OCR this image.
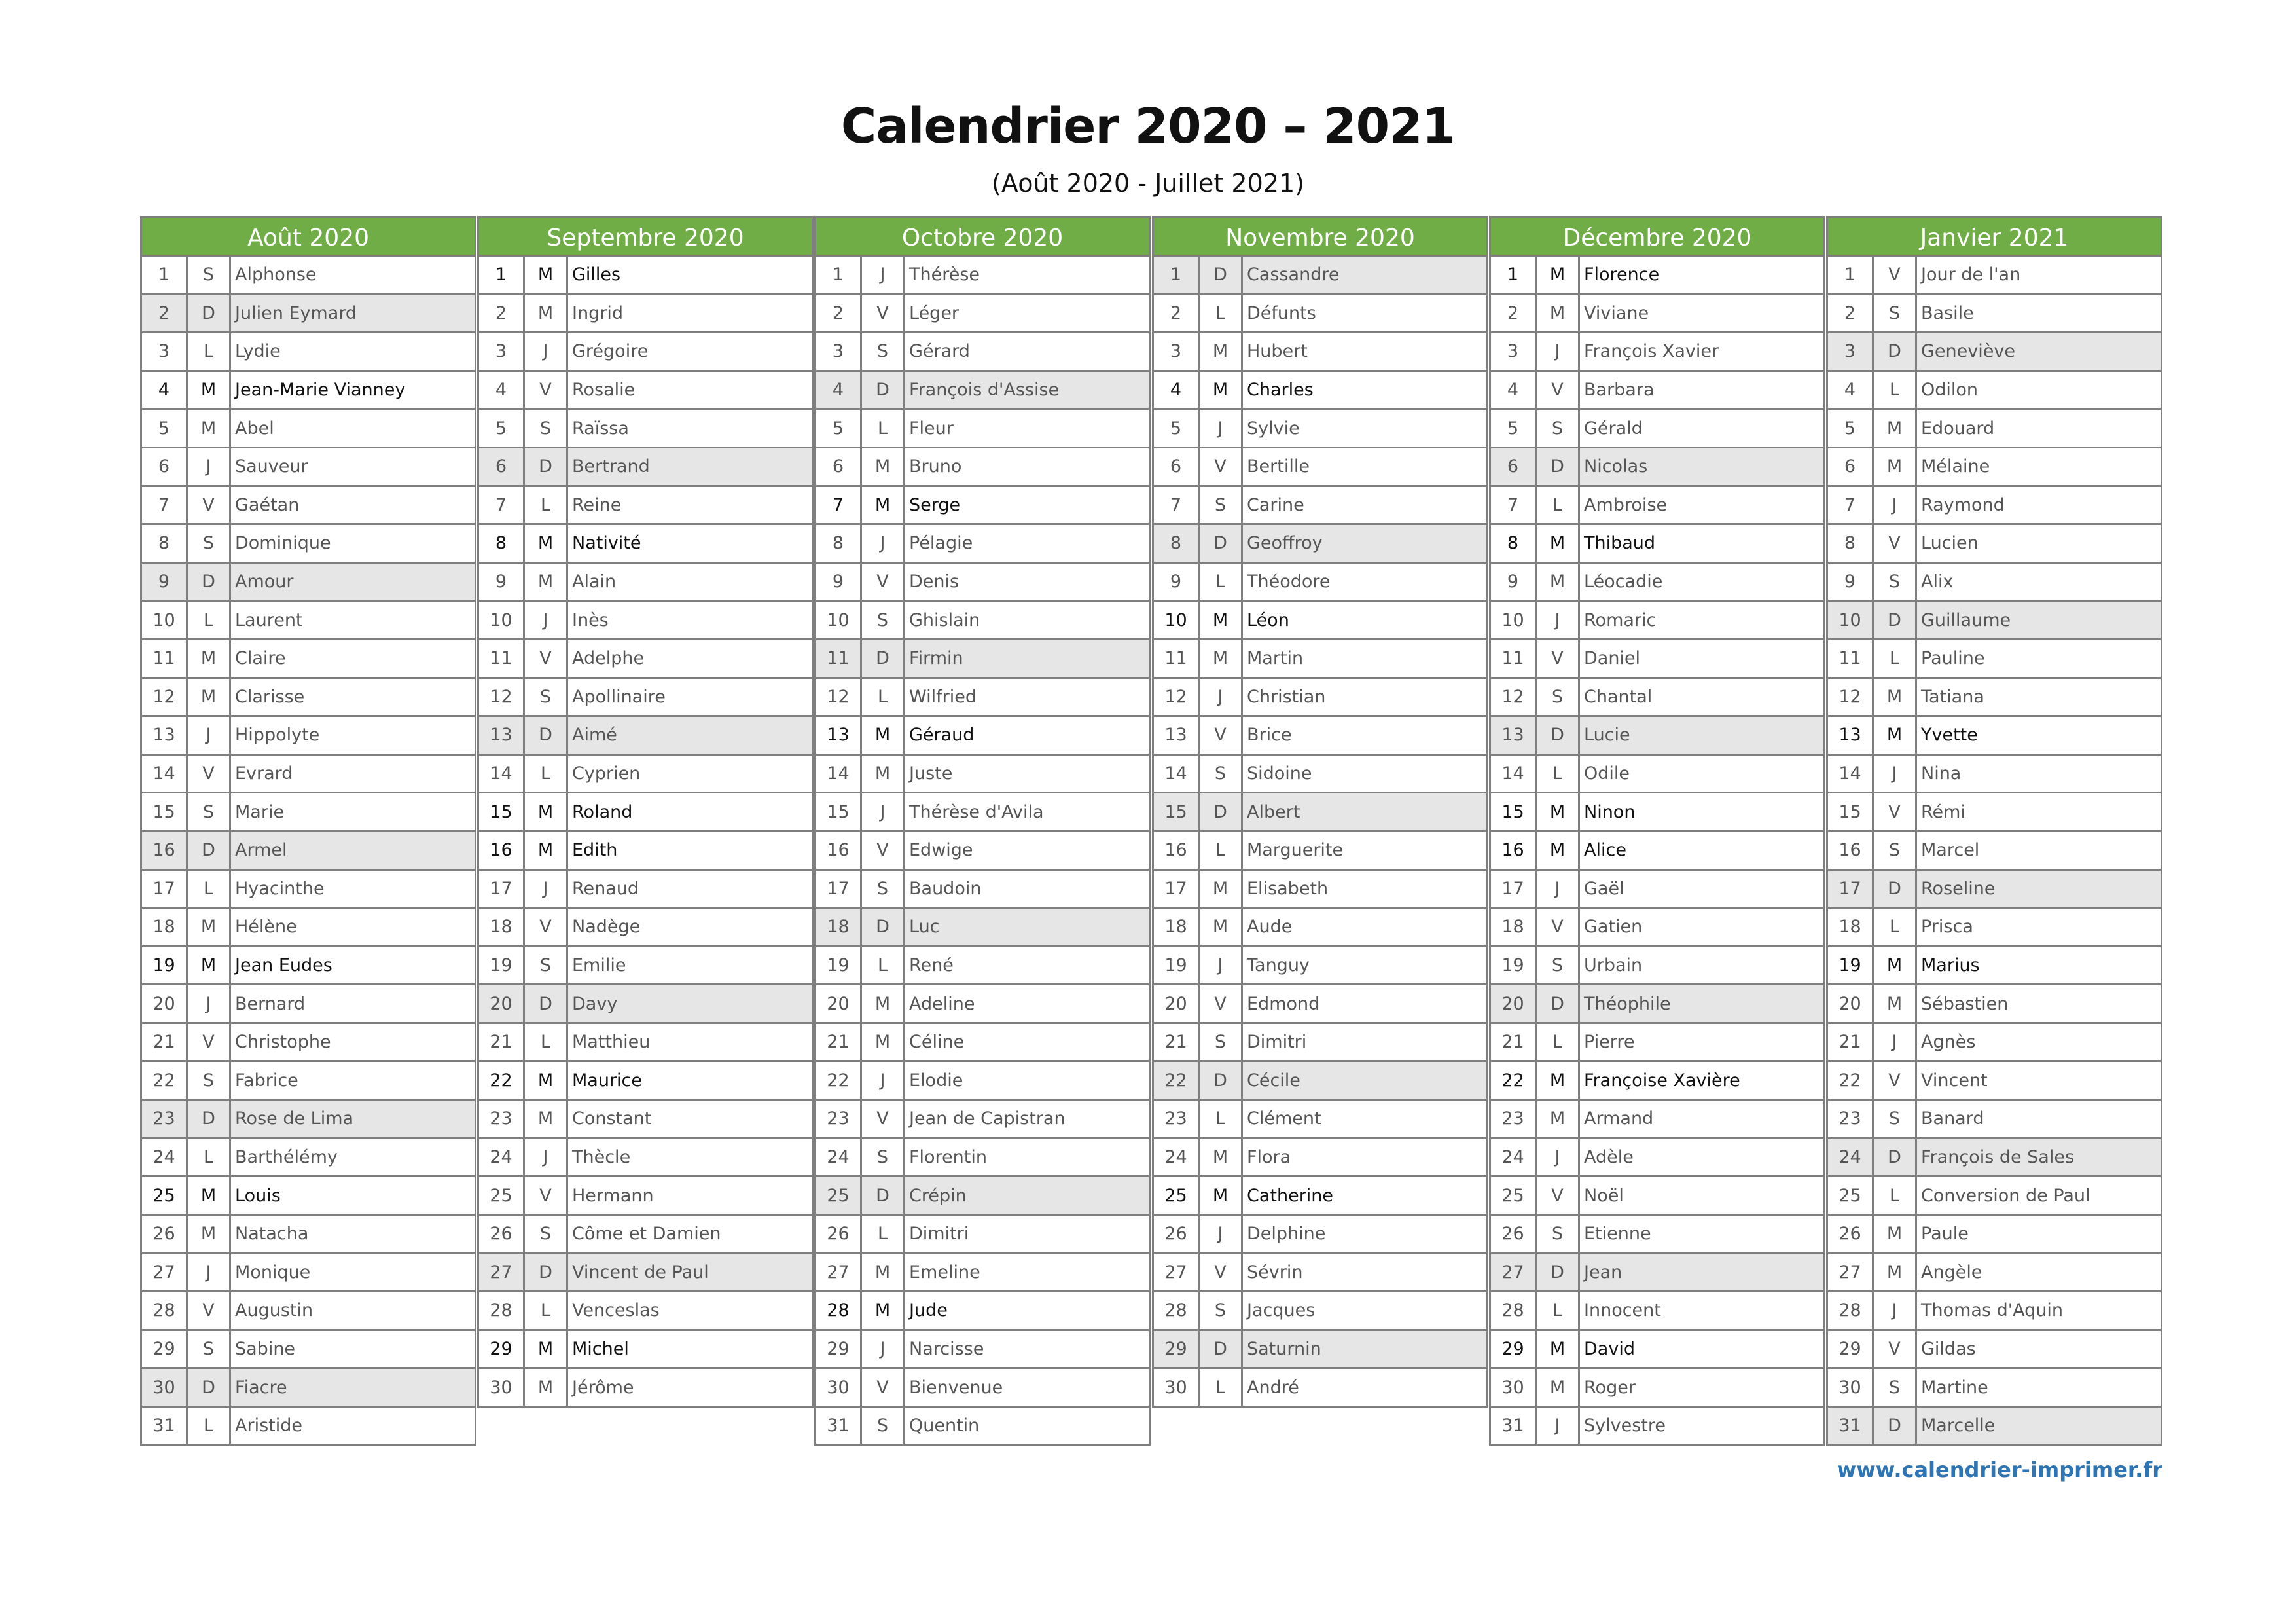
Calendrier 2020 – 2021
(Août 2020 - Juillet 2021)
Août 2020
1	S	Alphonse
2	D	Julien Eymard
3	L	Lydie
4	M	Jean-Marie Vianney
5	M	Abel
6	J	Sauveur
7	V	Gaétan
8	S	Dominique
9	D	Amour
10	L	Laurent
11	M	Claire
12	M	Clarisse
13	J	Hippolyte
14	V	Evrard
15	S	Marie
16	D	Armel
17	L	Hyacinthe
18	M	Hélène
19	M	Jean Eudes
20	J	Bernard
21	V	Christophe
22	S	Fabrice
23	D	Rose de Lima
24	L	Barthélémy
25	M	Louis
26	M	Natacha
27	J	Monique
28	V	Augustin
29	S	Sabine
30	D	Fiacre
31	L	Aristide
Septembre 2020
1	M	Gilles
2	M	Ingrid
3	J	Grégoire
4	V	Rosalie
5	S	Raïssa
6	D	Bertrand
7	L	Reine
8	M	Nativité
9	M	Alain
10	J	Inès
11	V	Adelphe
12	S	Apollinaire
13	D	Aimé
14	L	Cyprien
15	M	Roland
16	M	Edith
17	J	Renaud
18	V	Nadège
19	S	Emilie
20	D	Davy
21	L	Matthieu
22	M	Maurice
23	M	Constant
24	J	Thècle
25	V	Hermann
26	S	Côme et Damien
27	D	Vincent de Paul
28	L	Venceslas
29	M	Michel
30	M	Jérôme
Octobre 2020
1	J	Thérèse
2	V	Léger
3	S	Gérard
4	D	François d'Assise
5	L	Fleur
6	M	Bruno
7	M	Serge
8	J	Pélagie
9	V	Denis
10	S	Ghislain
11	D	Firmin
12	L	Wilfried
13	M	Géraud
14	M	Juste
15	J	Thérèse d'Avila
16	V	Edwige
17	S	Baudoin
18	D	Luc
19	L	René
20	M	Adeline
21	M	Céline
22	J	Elodie
23	V	Jean de Capistran
24	S	Florentin
25	D	Crépin
26	L	Dimitri
27	M	Emeline
28	M	Jude
29	J	Narcisse
30	V	Bienvenue
31	S	Quentin
Novembre 2020
1	D	Cassandre
2	L	Défunts
3	M	Hubert
4	M	Charles
5	J	Sylvie
6	V	Bertille
7	S	Carine
8	D	Geoffroy
9	L	Théodore
10	M	Léon
11	M	Martin
12	J	Christian
13	V	Brice
14	S	Sidoine
15	D	Albert
16	L	Marguerite
17	M	Elisabeth
18	M	Aude
19	J	Tanguy
20	V	Edmond
21	S	Dimitri
22	D	Cécile
23	L	Clément
24	M	Flora
25	M	Catherine
26	J	Delphine
27	V	Sévrin
28	S	Jacques
29	D	Saturnin
30	L	André
Décembre 2020
1	M	Florence
2	M	Viviane
3	J	François Xavier
4	V	Barbara
5	S	Gérald
6	D	Nicolas
7	L	Ambroise
8	M	Thibaud
9	M	Léocadie
10	J	Romaric
11	V	Daniel
12	S	Chantal
13	D	Lucie
14	L	Odile
15	M	Ninon
16	M	Alice
17	J	Gaël
18	V	Gatien
19	S	Urbain
20	D	Théophile
21	L	Pierre
22	M	Françoise Xavière
23	M	Armand
24	J	Adèle
25	V	Noël
26	S	Etienne
27	D	Jean
28	L	Innocent
29	M	David
30	M	Roger
31	J	Sylvestre
Janvier 2021
1	V	Jour de l'an
2	S	Basile
3	D	Geneviève
4	L	Odilon
5	M	Edouard
6	M	Mélaine
7	J	Raymond
8	V	Lucien
9	S	Alix
10	D	Guillaume
11	L	Pauline
12	M	Tatiana
13	M	Yvette
14	J	Nina
15	V	Rémi
16	S	Marcel
17	D	Roseline
18	L	Prisca
19	M	Marius
20	M	Sébastien
21	J	Agnès
22	V	Vincent
23	S	Banard
24	D	François de Sales
25	L	Conversion de Paul
26	M	Paule
27	M	Angèle
28	J	Thomas d'Aquin
29	V	Gildas
30	S	Martine
31	D	Marcelle
www.calendrier-imprimer.fr
